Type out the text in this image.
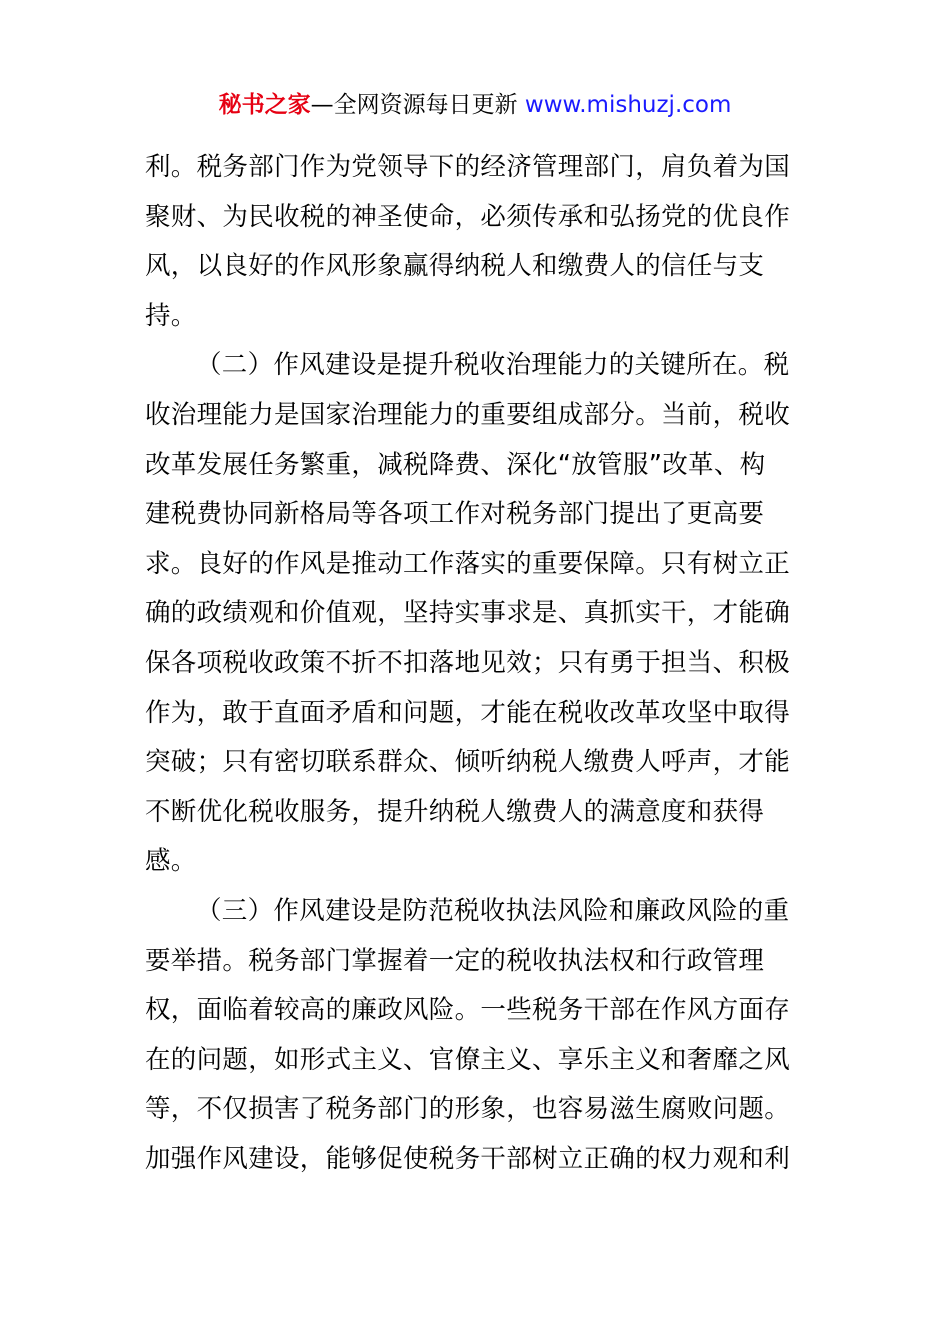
秘书之家—全网资源每日更新 www.mishuzj.com
利。税务部门作为党领导下的经济管理部门，肩负着为国
聚财、为民收税的神圣使命，必须传承和弘扬党的优良作
风，以良好的作风形象赢得纳税人和缴费人的信任与支
持。
（二）作风建设是提升税收治理能力的关键所在。税
收治理能力是国家治理能力的重要组成部分。当前，税收
改革发展任务繁重，减税降费、深化“放管服”改革、构
建税费协同新格局等各项工作对税务部门提出了更高要
求。良好的作风是推动工作落实的重要保障。只有树立正
确的政绩观和价值观，坚持实事求是、真抓实干，才能确
保各项税收政策不折不扣落地见效；只有勇于担当、积极
作为，敢于直面矛盾和问题，才能在税收改革攻坚中取得
突破；只有密切联系群众、倾听纳税人缴费人呼声，才能
不断优化税收服务，提升纳税人缴费人的满意度和获得
感。
（三）作风建设是防范税收执法风险和廉政风险的重
要举措。税务部门掌握着一定的税收执法权和行政管理
权，面临着较高的廉政风险。一些税务干部在作风方面存
在的问题，如形式主义、官僚主义、享乐主义和奢靡之风
等，不仅损害了税务部门的形象，也容易滋生腐败问题。
加强作风建设，能够促使税务干部树立正确的权力观和利
